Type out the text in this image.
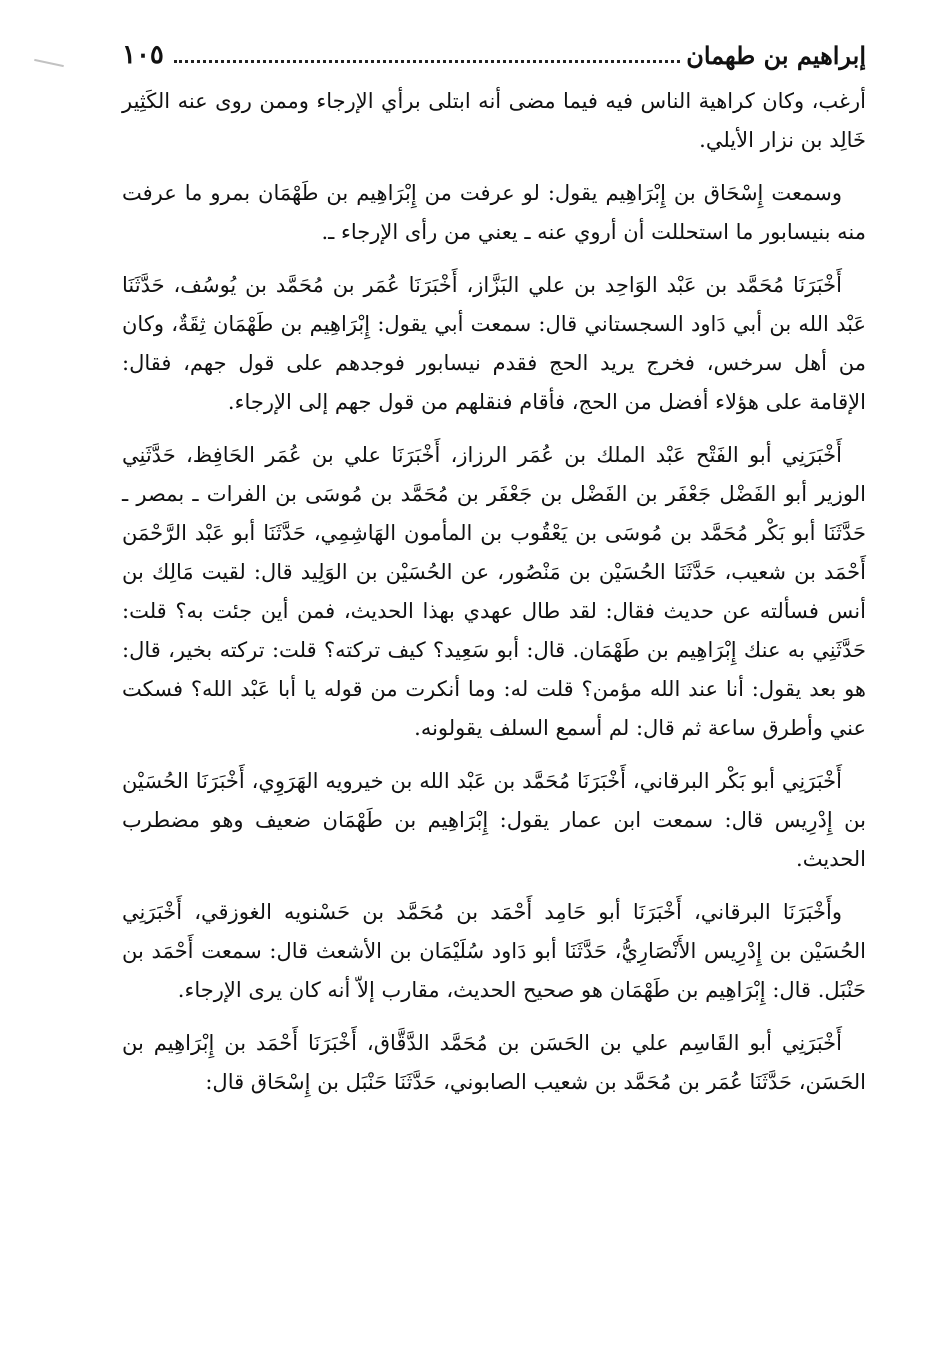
إبراهيم بن طهمان
١٠٥

أرغب، وكان كراهية الناس فيه فيما مضى أنه ابتلى برأي الإرجاء وممن روى عنه الكَثِير خَالِد بن نزار الأيلي.

وسمعت إِسْحَاق بن إِبْرَاهِيم يقول: لو عرفت من إِبْرَاهِيم بن طَهْمَان بمرو ما عرفت منه بنيسابور ما استحللت أن أروي عنه ـ يعني من رأى الإرجاء ـ.

أَخْبَرَنَا مُحَمَّد بن عَبْد الوَاحِد بن علي البَزَّاز، أَخْبَرَنَا عُمَر بن مُحَمَّد بن يُوسُف، حَدَّثَنَا عَبْد الله بن أبي دَاود السجستاني قال: سمعت أبي يقول: إِبْرَاهِيم بن طَهْمَان ثِقَةٌ، وكان من أهل سرخس، فخرج يريد الحج فقدم نيسابور فوجدهم على قول جهم، فقال: الإقامة على هؤلاء أفضل من الحج، فأقام فنقلهم من قول جهم إلى الإرجاء.

أَخْبَرَنِي أبو الفَتْح عَبْد الملك بن عُمَر الرزاز، أَخْبَرَنَا علي بن عُمَر الحَافِظ، حَدَّثَنِي الوزير أبو الفَضْل جَعْفَر بن الفَضْل بن جَعْفَر بن مُحَمَّد بن مُوسَى بن الفرات ـ بمصر ـ حَدَّثَنَا أبو بَكْر مُحَمَّد بن مُوسَى بن يَعْقُوب بن المأمون الهَاشِمِي، حَدَّثَنَا أبو عَبْد الرَّحْمَن أَحْمَد بن شعيب، حَدَّثَنَا الحُسَيْن بن مَنْصُور، عن الحُسَيْن بن الوَلِيد قال: لقيت مَالِك بن أنس فسألته عن حديث فقال: لقد طال عهدي بهذا الحديث، فمن أين جئت به؟ قلت: حَدَّثَنِي به عنك إِبْرَاهِيم بن طَهْمَان. قال: أبو سَعِيد؟ كيف تركته؟ قلت: تركته بخير، قال: هو بعد يقول: أنا عند الله مؤمن؟ قلت له: وما أنكرت من قوله يا أبا عَبْد الله؟ فسكت عني وأطرق ساعة ثم قال: لم أسمع السلف يقولونه.

أَخْبَرَنِي أبو بَكْر البرقاني، أَخْبَرَنَا مُحَمَّد بن عَبْد الله بن خيرويه الهَرَوِي، أَخْبَرَنَا الحُسَيْن بن إِدْرِيس قال: سمعت ابن عمار يقول: إِبْرَاهِيم بن طَهْمَان ضعيف وهو مضطرب الحديث.

وأَخْبَرَنَا البرقاني، أَخْبَرَنَا أبو حَامِد أَحْمَد بن مُحَمَّد بن حَسْنويه الغوزقي، أَخْبَرَنِي الحُسَيْن بن إِدْرِيس الأَنْصَارِيُّ، حَدَّثَنَا أبو دَاود سُلَيْمَان بن الأشعث قال: سمعت أَحْمَد بن حَنْبَل. قال: إِبْرَاهِيم بن طَهْمَان هو صحيح الحديث، مقارب إلاّ أنه كان يرى الإرجاء.

أَخْبَرَنِي أبو القَاسِم علي بن الحَسَن بن مُحَمَّد الدَّقَّاق، أَخْبَرَنَا أَحْمَد بن إِبْرَاهِيم بن الحَسَن، حَدَّثَنَا عُمَر بن مُحَمَّد بن شعيب الصابوني، حَدَّثَنَا حَنْبَل بن إِسْحَاق قال:
